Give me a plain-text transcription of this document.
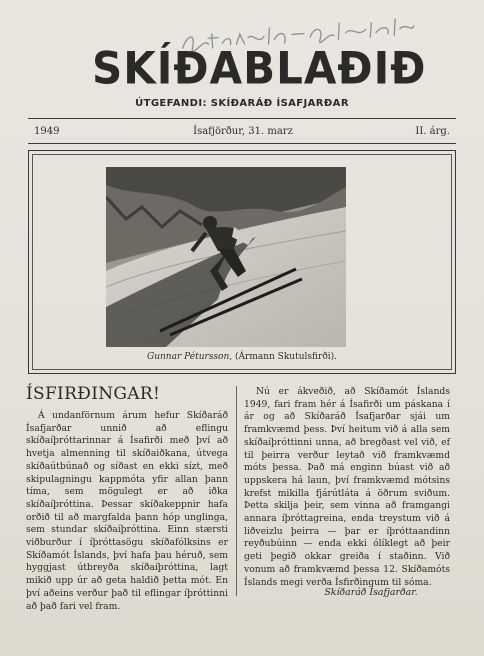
SKÍÐABLAÐIÐ
ÚTGEFANDI: SKÍÐARÁÐ ÍSAFJARÐAR
1949	Ísafjörður, 31. marz	II. árg.
Gunnar Pétursson, (Ármann Skutulsfirði).
ÍSFIRÐINGAR!

Á undanförnum árum hefur Skíðaráð Ísafjarðar unnið að eflingu skíðaíþróttarinnar á Ísafirði með því að hvetja almenning til skíðaiðkana, útvega skíðaútbúnað og síðast en ekki sízt, með skipulagningu kappmóta yfir allan þann tíma, sem mögulegt er að iðka skíðaíþróttina. Þessar skíðakeppnir hafa orðið til að margfalda þann hóp unglinga, sem stundar skíðaíþróttina. Einn stærsti viðburður í íþróttasögu skíðafólksins er Skíðamót Íslands, því hafa þau héruð, sem hyggjast útbreyða skíðaíþróttina, lagt mikið upp úr að geta haldið þetta mót. En því aðeins verður það til eflingar íþróttinni að það fari vel fram.

Nú er ákveðið, að Skíðamót Íslands 1949, fari fram hér á Ísafirði um páskana í ár og að Skíðaráð Ísafjarðar sjái um framkvæmd þess. Því heitum við á alla sem skíðaíþróttinni unna, að bregðast vel við, ef til þeirra verður leytað við framkvæmd móts þessa. Það má enginn búast við að uppskera há laun, því framkvæmd mótsins krefst mikilla fjárútláta á öðrum sviðum. Þetta skilja þeir, sem vinna að framgangi annara íþróttagreina, enda treystum við á liðveizlu þeirra — þar er íþróttaandinn reyðubúinn — enda ekki ólíklegt að þeir geti þegið okkar greiða í staðinn. Við vonum að framkvæmd þessa 12. Skíðamóts Íslands megi verða Ísfirðingum til sóma.

Skíðaráð Ísafjarðar.
